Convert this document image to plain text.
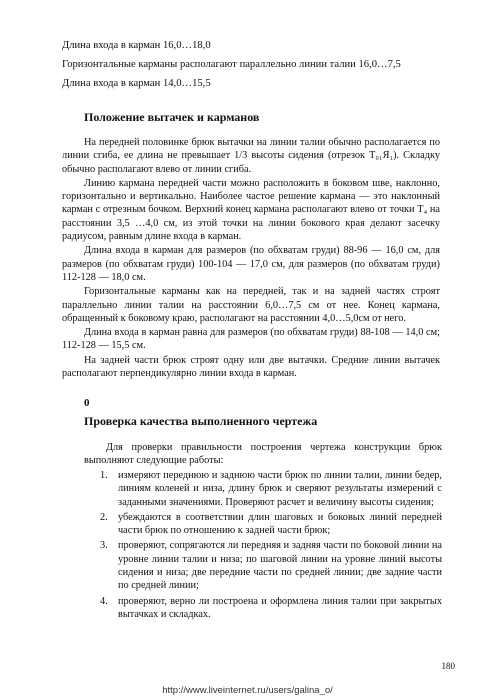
Длина входа в карман 16,0…18,0
Горизонтальные карманы располагают параллельно линии талии 16,0…7,5
Длина входа в карман 14,0…15,5
Положение вытачек и карманов

На передней половинке брюк вытачки на линии талии обычно располагается по линии сгиба, ее длина не превышает 1/3 высоты сидения (отрезок Т₀₁Я₁). Складку обычно располагают влево от линии сгиба.

Линию кармана передней части можно расположить в боковом шве, наклонно, горизонтально и вертикально. Наиболее частое решение кармана — это наклонный карман с отрезным бочком. Верхний конец кармана располагают влево от точки Т₄ на расстоянии 3,5 …4,0 см, из этой точки на линии бокового края делают засечку радиусом, равным длине входа в карман.

Длина входа в карман для размеров (по обхватам груди) 88-96 — 16,0 см, для размеров (по обхватам груди) 100-104 — 17,0 см, для размеров (по обхватам груди) 112-128 — 18,0 см.

Горизонтальные карманы как на передней, так и на задней частях строят параллельно линии талии на расстоянии 6,0…7,5 см от нее. Конец кармана, обращенный к боковому краю, располагают на расстоянии 4,0…5,0см от него.

Длина входа в карман равна для размеров (по обхватам груди) 88-108 — 14,0 см; 112-128 — 15,5 см.

На задней части брюк строят одну или две вытачки. Средние линии вытачек располагают перпендикулярно линии входа в карман.

0
Проверка качества выполненного чертежа

Для проверки правильности построения чертежа конструкции брюк выполняют следующие работы:

1. измеряют переднюю и заднюю части брюк по линии талии, линии бедер, линиям коленей и низа, длину брюк и сверяют результаты измерений с заданными значениями. Проверяют расчет и величину высоты сидения;
2. убеждаются в соответствии длин шаговых и боковых линий передней части брюк по отношению к задней части брюк;
3. проверяют, сопрягаются ли передняя и задняя части по боковой линии на уровне линии талии и низа; по шаговой линии на уровне линий высоты сидения и низа; две передние части по средней линии; две задние части по средней линии;
4. проверяют, верно ли построена и оформлена линия талии при закрытых вытачках и складках.
180
http://www.liveinternet.ru/users/galina_o/
